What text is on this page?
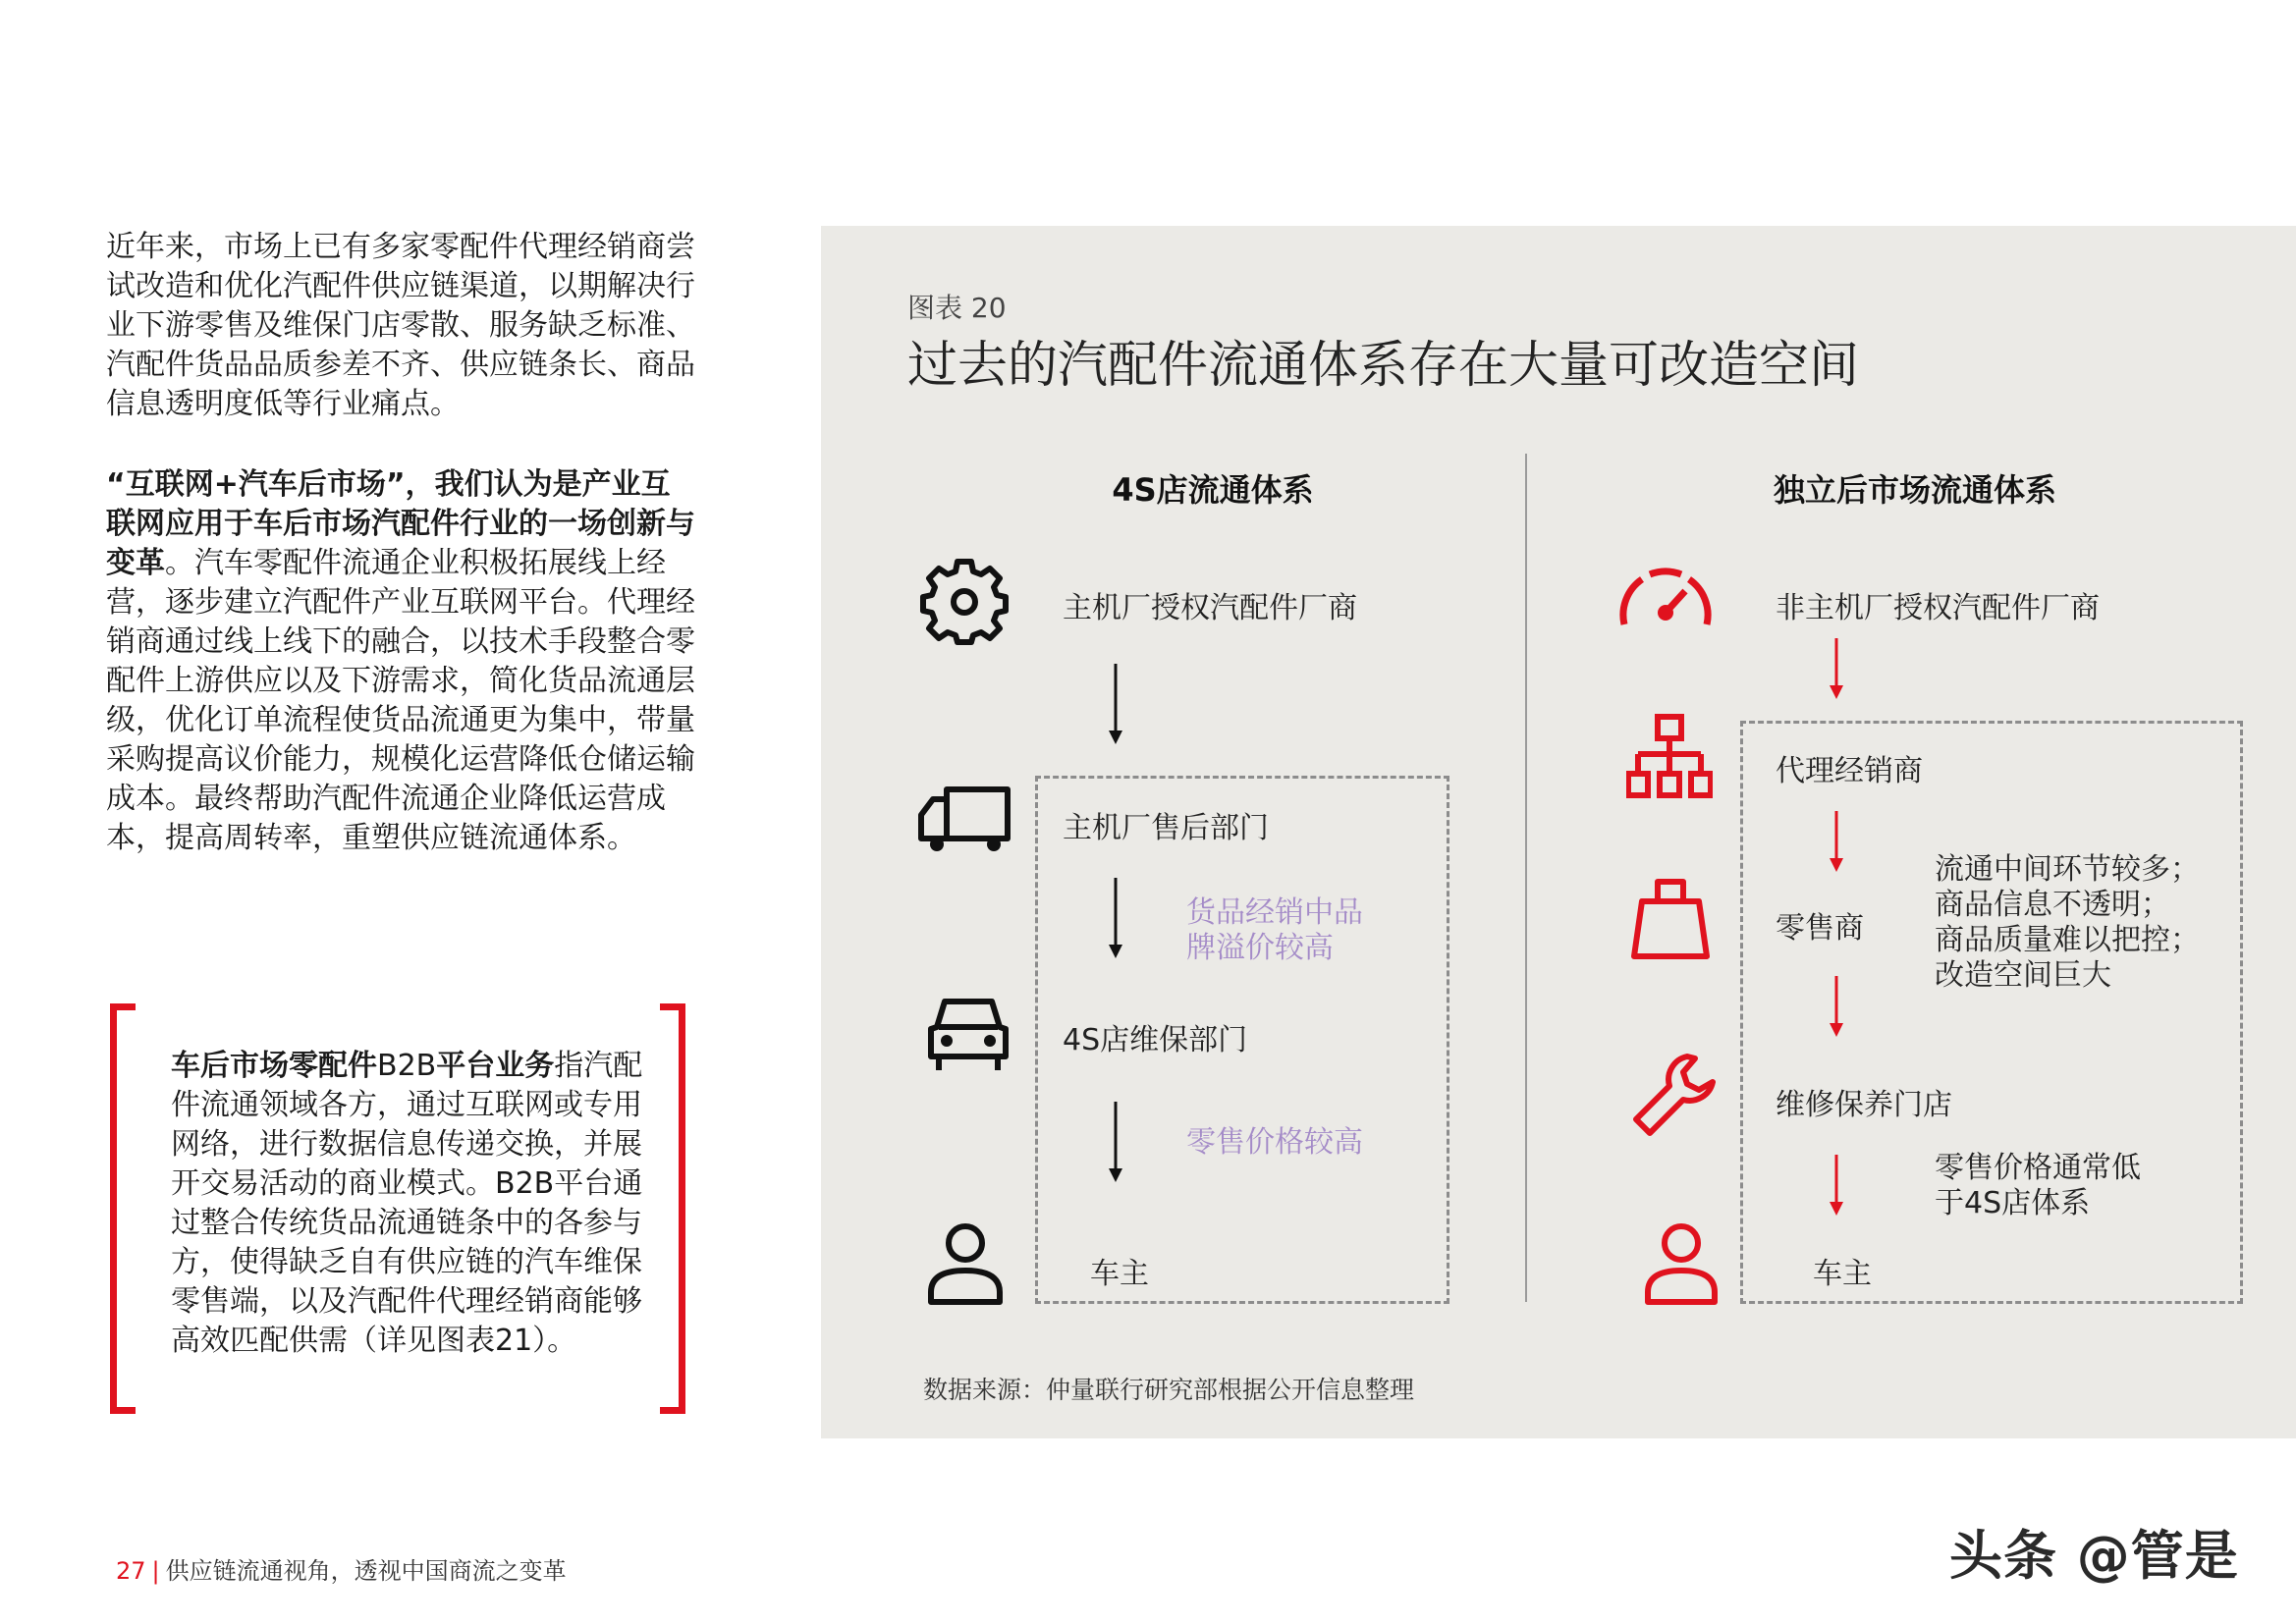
近年来，市场上已有多家零配件代理经销商尝试改造和优化汽配件供应链渠道，以期解决行业下游零售及维保门店零散、服务缺乏标准、汽配件货品品质参差不齐、供应链条长、商品信息透明度低等行业痛点。
“互联网+汽车后市场”，我们认为是产业互联网应用于车后市场汽配件行业的一场创新与变革。汽车零配件流通企业积极拓展线上经营，逐步建立汽配件产业互联网平台。代理经销商通过线上线下的融合，以技术手段整合零配件上游供应以及下游需求，简化货品流通层级，优化订单流程使货品流通更为集中，带量采购提高议价能力，规模化运营降低仓储运输成本。最终帮助汽配件流通企业降低运营成本，提高周转率，重塑供应链流通体系。
车后市场零配件B2B平台业务指汽配件流通领域各方，通过互联网或专用网络，进行数据信息传递交换，并展开交易活动的商业模式。B2B平台通过整合传统货品流通链条中的各参与方，使得缺乏自有供应链的汽车维保零售端，以及汽配件代理经销商能够高效匹配供需（详见图表21）。
27 | 供应链流通视角，透视中国商流之变革	头条 @管是
图表 20
过去的汽配件流通体系存在大量可改造空间
4S店流通体系	独立后市场流通体系
主机厂授权汽配件厂商
主机厂售后部门
4S店维保部门
车主
货品经销中品
牌溢价较高
零售价格较高
非主机厂授权汽配件厂商
代理经销商
零售商
维修保养门店
车主
流通中间环节较多；
商品信息不透明；
商品质量难以把控；
改造空间巨大
零售价格通常低
于4S店体系
数据来源：仲量联行研究部根据公开信息整理
